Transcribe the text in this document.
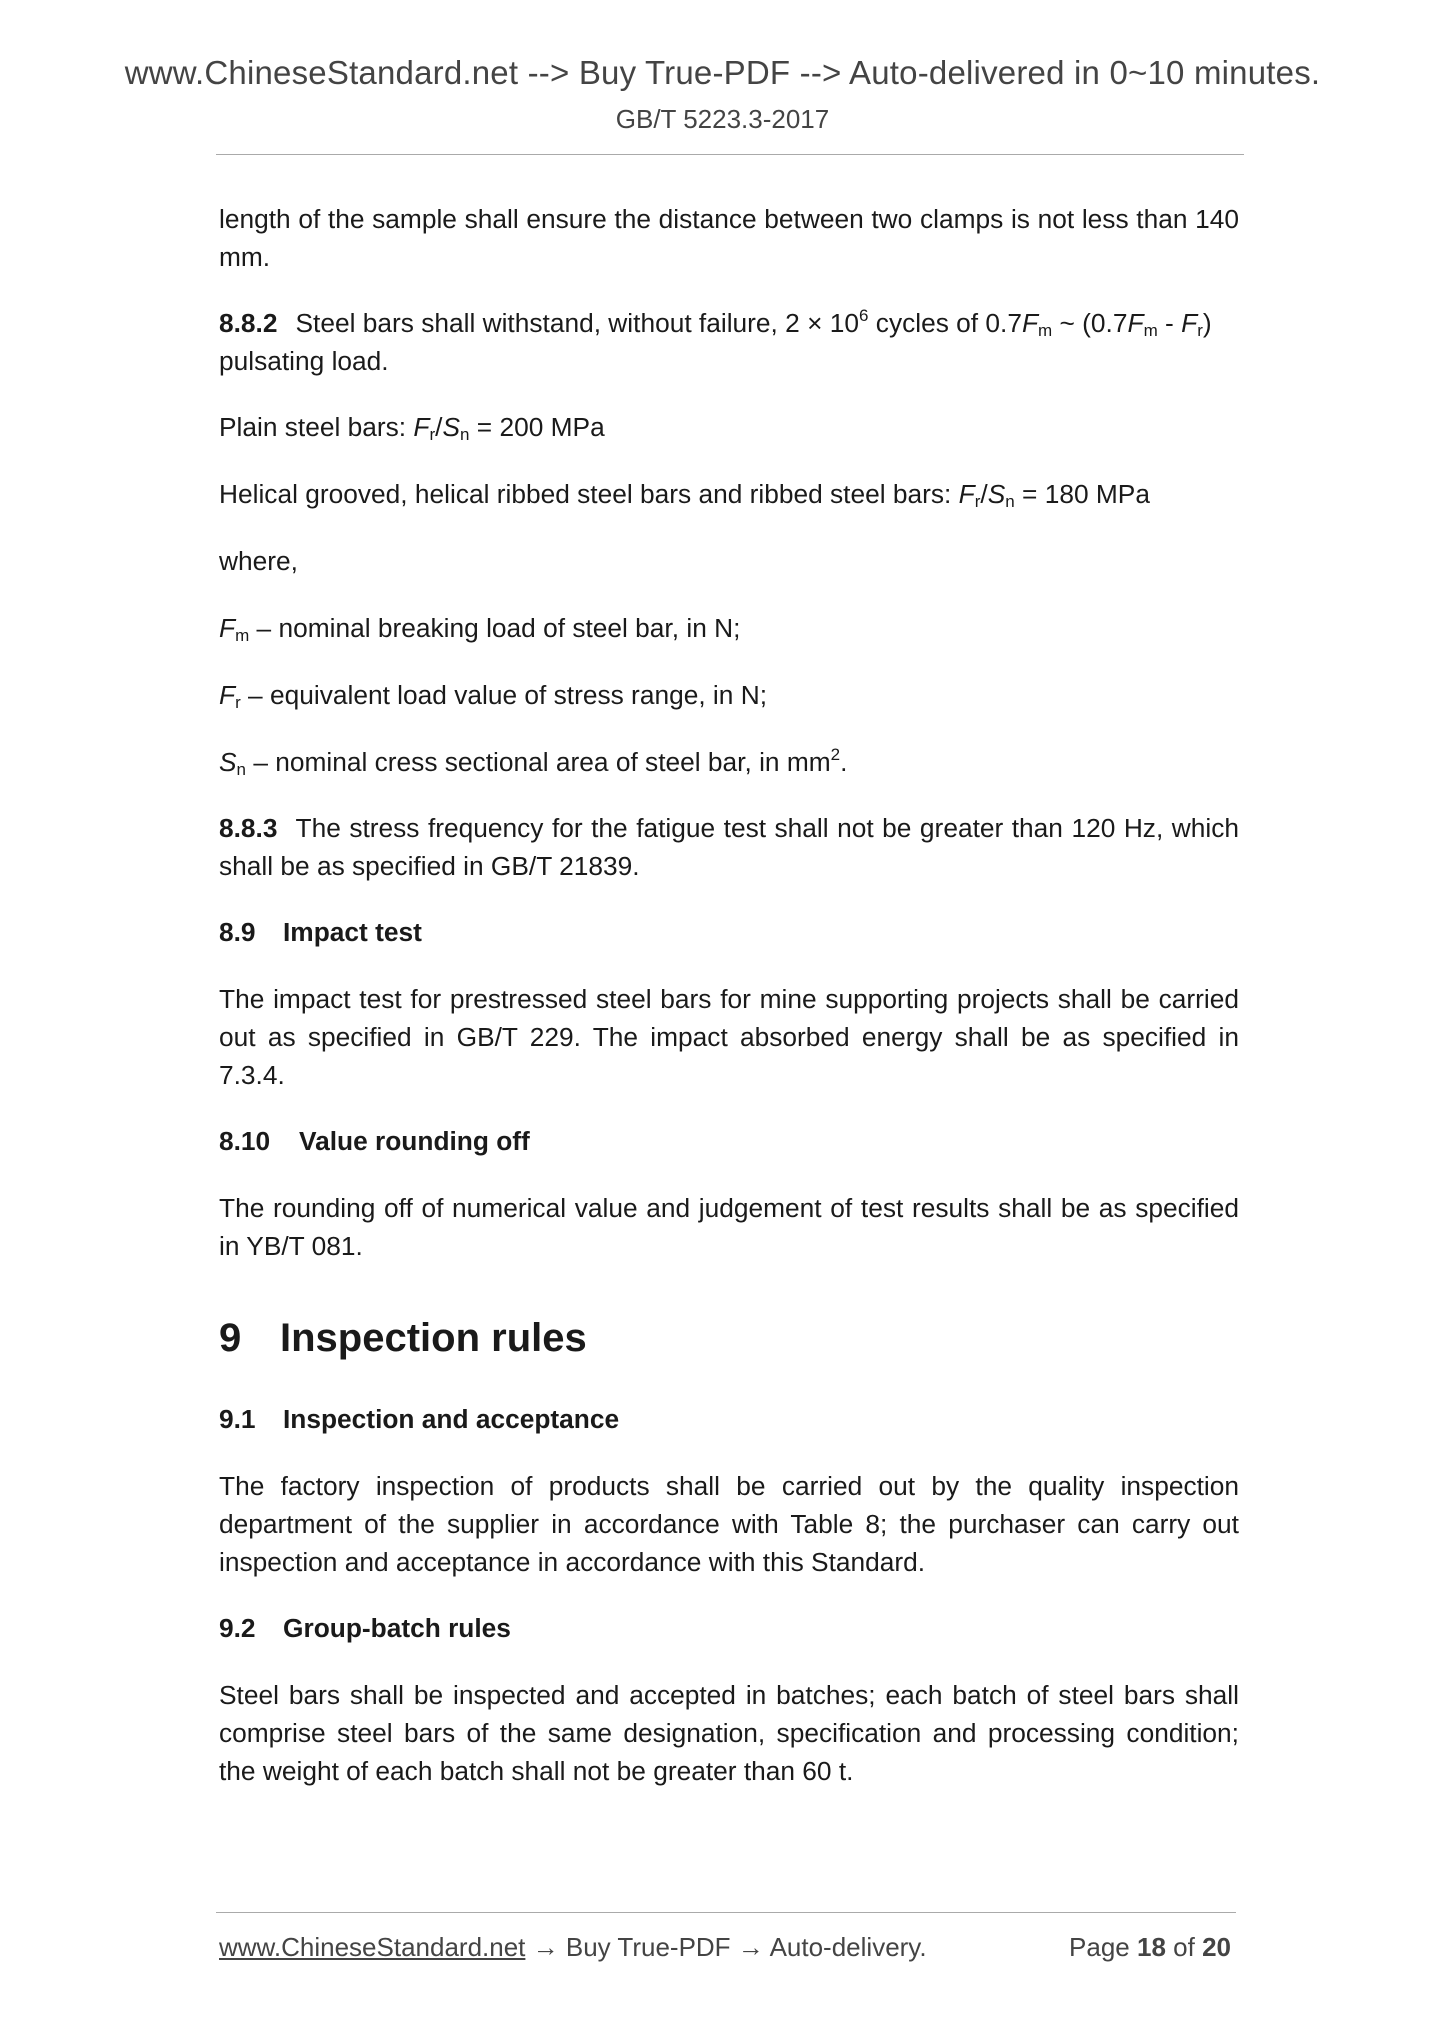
www.ChineseStandard.net --> Buy True-PDF --> Auto-delivered in 0~10 minutes.
GB/T 5223.3-2017

length of the sample shall ensure the distance between two clamps is not less than 140 mm.

8.8.2 Steel bars shall withstand, without failure, $2 \times 10^6$ cycles of $0.7F_m$ ~ $(0.7F_m - F_r)$
pulsating load.

Plain steel bars: $F_r/S_n = 200$ MPa

Helical grooved, helical ribbed steel bars and ribbed steel bars: $F_r/S_n = 180$ MPa

where,

$F_m$ – nominal breaking load of steel bar, in N;

$F_r$ – equivalent load value of stress range, in N;

$S_n$ – nominal cress sectional area of steel bar, in $mm^2$.

8.8.3 The stress frequency for the fatigue test shall not be greater than 120 Hz, which shall be as specified in GB/T 21839.

8.9 Impact test

The impact test for prestressed steel bars for mine supporting projects shall be carried out as specified in GB/T 229. The impact absorbed energy shall be as specified in 7.3.4.

8.10 Value rounding off

The rounding off of numerical value and judgement of test results shall be as specified in YB/T 081.

9 Inspection rules

9.1 Inspection and acceptance

The factory inspection of products shall be carried out by the quality inspection department of the supplier in accordance with Table 8; the purchaser can carry out inspection and acceptance in accordance with this Standard.

9.2 Group-batch rules

Steel bars shall be inspected and accepted in batches; each batch of steel bars shall comprise steel bars of the same designation, specification and processing condition; the weight of each batch shall not be greater than 60 t.

www.ChineseStandard.net → Buy True-PDF → Auto-delivery.	Page 18 of 20
